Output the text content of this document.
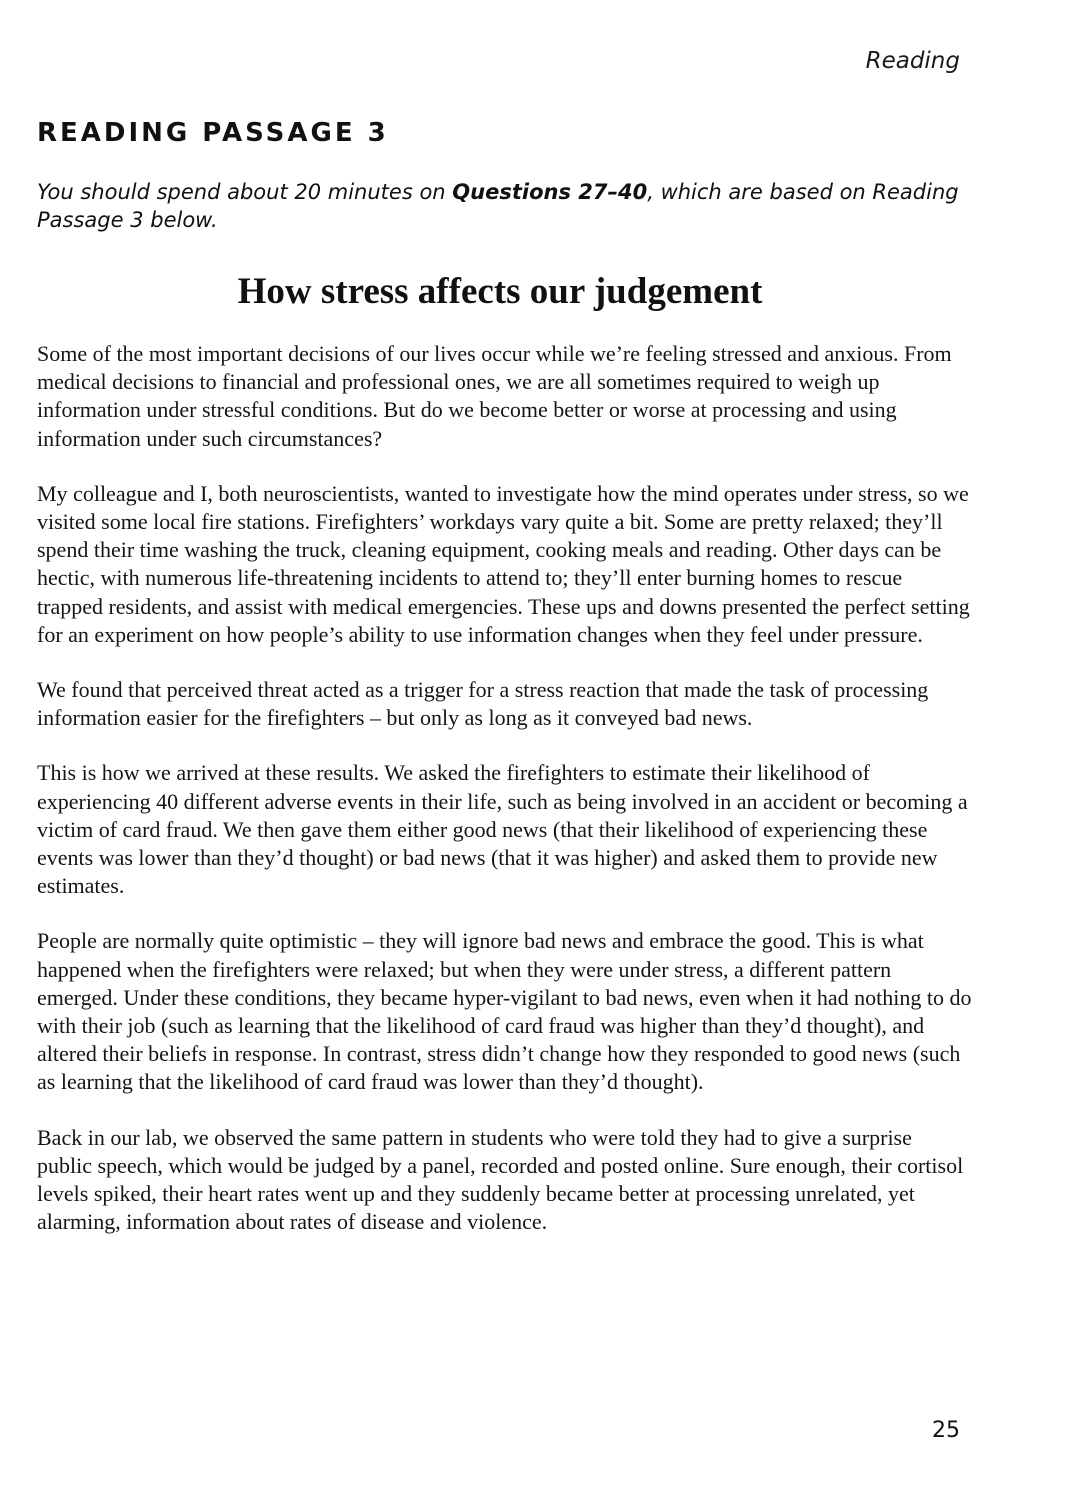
Reading
READING PASSAGE 3

You should spend about 20 minutes on Questions 27–40, which are based on Reading Passage 3 below.

How stress affects our judgement

Some of the most important decisions of our lives occur while we’re feeling stressed and anxious. From medical decisions to financial and professional ones, we are all sometimes required to weigh up information under stressful conditions. But do we become better or worse at processing and using information under such circumstances?

My colleague and I, both neuroscientists, wanted to investigate how the mind operates under stress, so we visited some local fire stations. Firefighters’ workdays vary quite a bit. Some are pretty relaxed; they’ll spend their time washing the truck, cleaning equipment, cooking meals and reading. Other days can be hectic, with numerous life-threatening incidents to attend to; they’ll enter burning homes to rescue trapped residents, and assist with medical emergencies. These ups and downs presented the perfect setting for an experiment on how people’s ability to use information changes when they feel under pressure.

We found that perceived threat acted as a trigger for a stress reaction that made the task of processing information easier for the firefighters – but only as long as it conveyed bad news.

This is how we arrived at these results. We asked the firefighters to estimate their likelihood of experiencing 40 different adverse events in their life, such as being involved in an accident or becoming a victim of card fraud. We then gave them either good news (that their likelihood of experiencing these events was lower than they’d thought) or bad news (that it was higher) and asked them to provide new estimates.

People are normally quite optimistic – they will ignore bad news and embrace the good. This is what happened when the firefighters were relaxed; but when they were under stress, a different pattern emerged. Under these conditions, they became hyper-vigilant to bad news, even when it had nothing to do with their job (such as learning that the likelihood of card fraud was higher than they’d thought), and altered their beliefs in response. In contrast, stress didn’t change how they responded to good news (such as learning that the likelihood of card fraud was lower than they’d thought).

Back in our lab, we observed the same pattern in students who were told they had to give a surprise public speech, which would be judged by a panel, recorded and posted online. Sure enough, their cortisol levels spiked, their heart rates went up and they suddenly became better at processing unrelated, yet alarming, information about rates of disease and violence.

25
